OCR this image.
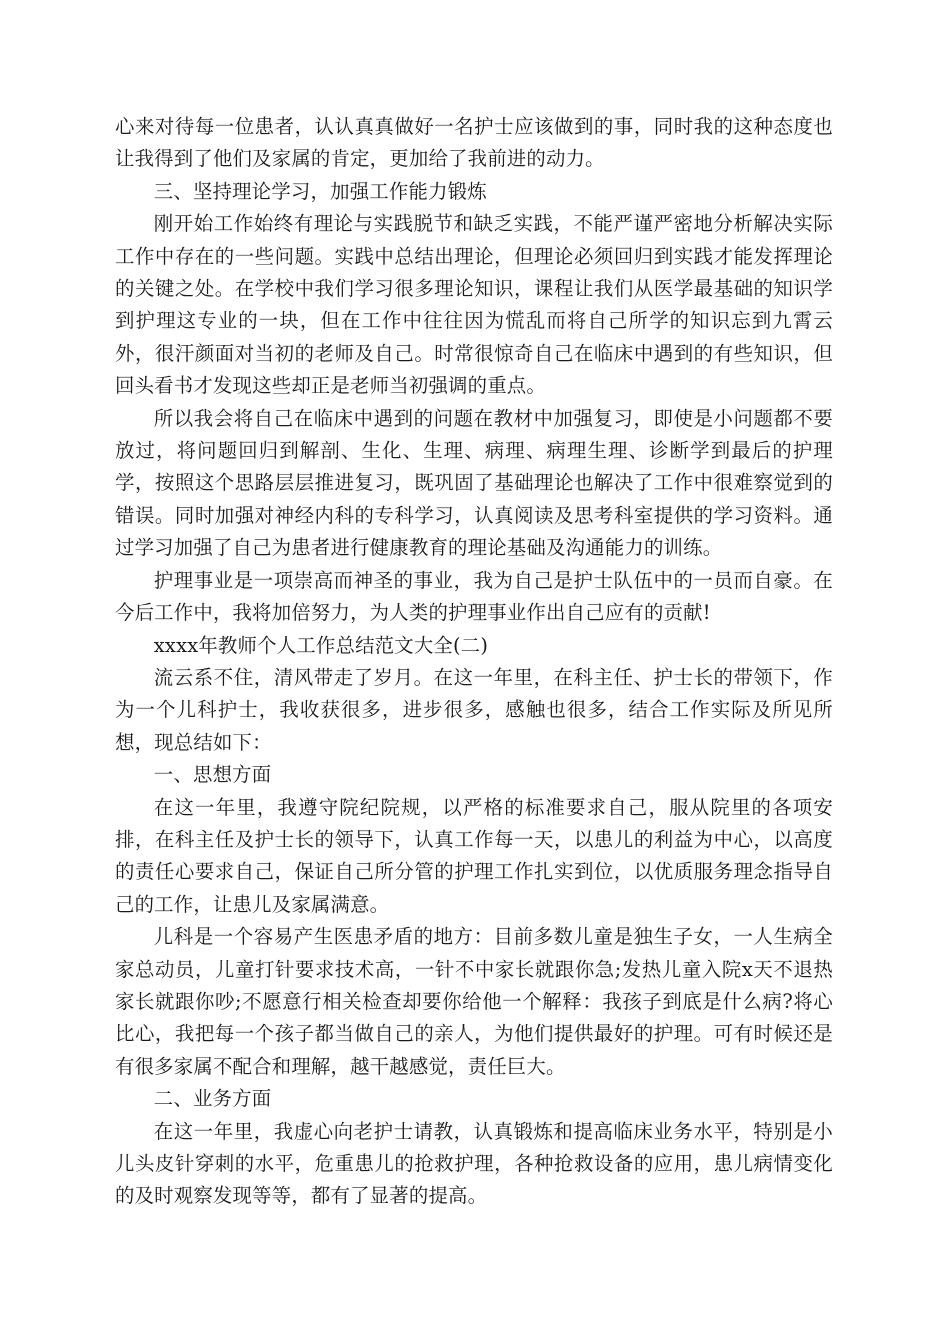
心来对待每一位患者，认认真真做好一名护士应该做到的事，同时我的这种态度也让我得到了他们及家属的肯定，更加给了我前进的动力。

三、坚持理论学习，加强工作能力锻炼

刚开始工作始终有理论与实践脱节和缺乏实践，不能严谨严密地分析解决实际工作中存在的一些问题。实践中总结出理论，但理论必须回归到实践才能发挥理论的关键之处。在学校中我们学习很多理论知识，课程让我们从医学最基础的知识学到护理这专业的一块，但在工作中往往因为慌乱而将自己所学的知识忘到九霄云外，很汗颜面对当初的老师及自己。时常很惊奇自己在临床中遇到的有些知识，但回头看书才发现这些却正是老师当初强调的重点。

所以我会将自己在临床中遇到的问题在教材中加强复习，即使是小问题都不要放过，将问题回归到解剖、生化、生理、病理、病理生理、诊断学到最后的护理学，按照这个思路层层推进复习，既巩固了基础理论也解决了工作中很难察觉到的错误。同时加强对神经内科的专科学习，认真阅读及思考科室提供的学习资料。通过学习加强了自己为患者进行健康教育的理论基础及沟通能力的训练。

护理事业是一项崇高而神圣的事业，我为自己是护士队伍中的一员而自豪。在今后工作中，我将加倍努力，为人类的护理事业作出自己应有的贡献!

xxxx年教师个人工作总结范文大全(二)

流云系不住，清风带走了岁月。在这一年里，在科主任、护士长的带领下，作为一个儿科护士，我收获很多，进步很多，感触也很多，结合工作实际及所见所想，现总结如下：

一、思想方面

在这一年里，我遵守院纪院规，以严格的标准要求自己，服从院里的各项安排，在科主任及护士长的领导下，认真工作每一天，以患儿的利益为中心，以高度的责任心要求自己，保证自己所分管的护理工作扎实到位，以优质服务理念指导自己的工作，让患儿及家属满意。

儿科是一个容易产生医患矛盾的地方：目前多数儿童是独生子女，一人生病全家总动员，儿童打针要求技术高，一针不中家长就跟你急;发热儿童入院x天不退热家长就跟你吵;不愿意行相关检查却要你给他一个解释：我孩子到底是什么病?将心比心，我把每一个孩子都当做自己的亲人，为他们提供最好的护理。可有时候还是有很多家属不配合和理解，越干越感觉，责任巨大。

二、业务方面

在这一年里，我虚心向老护士请教，认真锻炼和提高临床业务水平，特别是小儿头皮针穿刺的水平，危重患儿的抢救护理，各种抢救设备的应用，患儿病情变化的及时观察发现等等，都有了显著的提高。
